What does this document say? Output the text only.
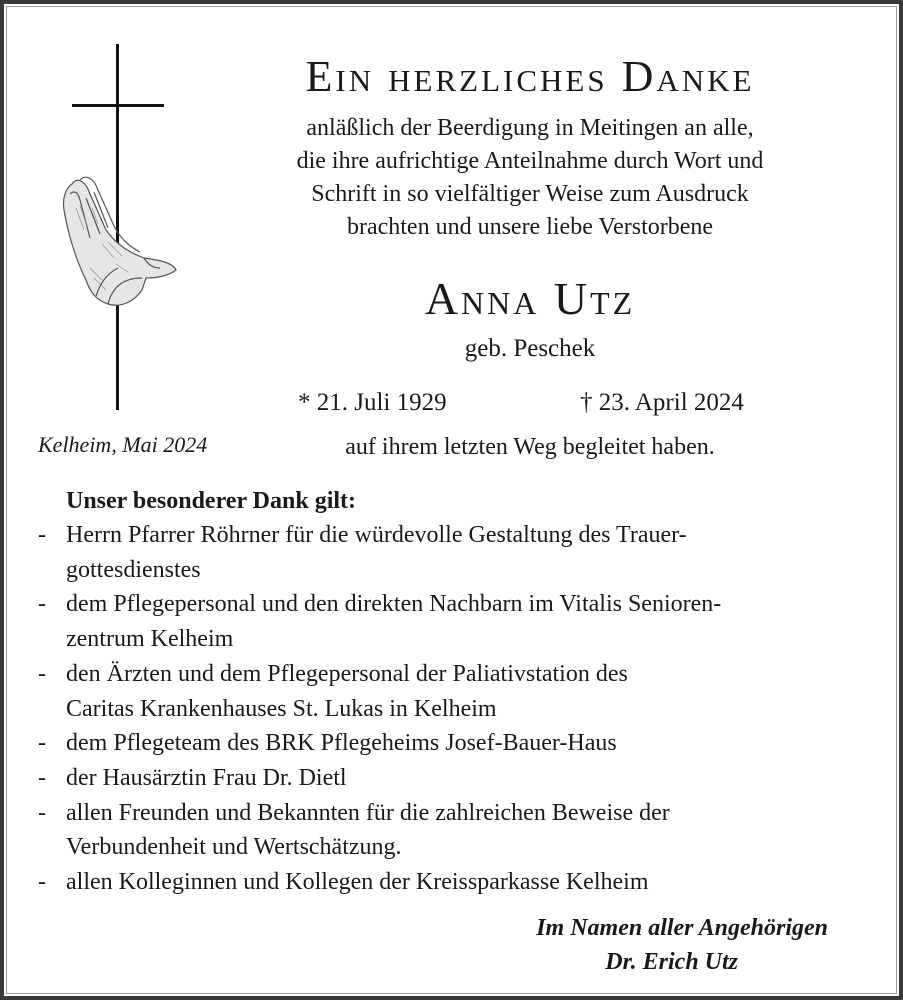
Ein herzliches Danke
anläßlich der Beerdigung in Meitingen an alle,
die ihre aufrichtige Anteilnahme durch Wort und
Schrift in so vielfältiger Weise zum Ausdruck
brachten und unsere liebe Verstorbene
Anna Utz
geb. Peschek
* 21. Juli 1929	† 23. April 2024
Kelheim, Mai 2024	auf ihrem letzten Weg begleitet haben.
Unser besonderer Dank gilt:
- Herrn Pfarrer Röhrner für die würdevolle Gestaltung des Trauer-
gottesdienstes
- dem Pflegepersonal und den direkten Nachbarn im Vitalis Senioren-
zentrum Kelheim
- den Ärzten und dem Pflegepersonal der Paliativstation des
Caritas Krankenhauses St. Lukas in Kelheim
- dem Pflegeteam des BRK Pflegeheims Josef-Bauer-Haus
- der Hausärztin Frau Dr. Dietl
- allen Freunden und Bekannten für die zahlreichen Beweise der
Verbundenheit und Wertschätzung.
- allen Kolleginnen und Kollegen der Kreissparkasse Kelheim
Im Namen aller Angehörigen
Dr. Erich Utz
